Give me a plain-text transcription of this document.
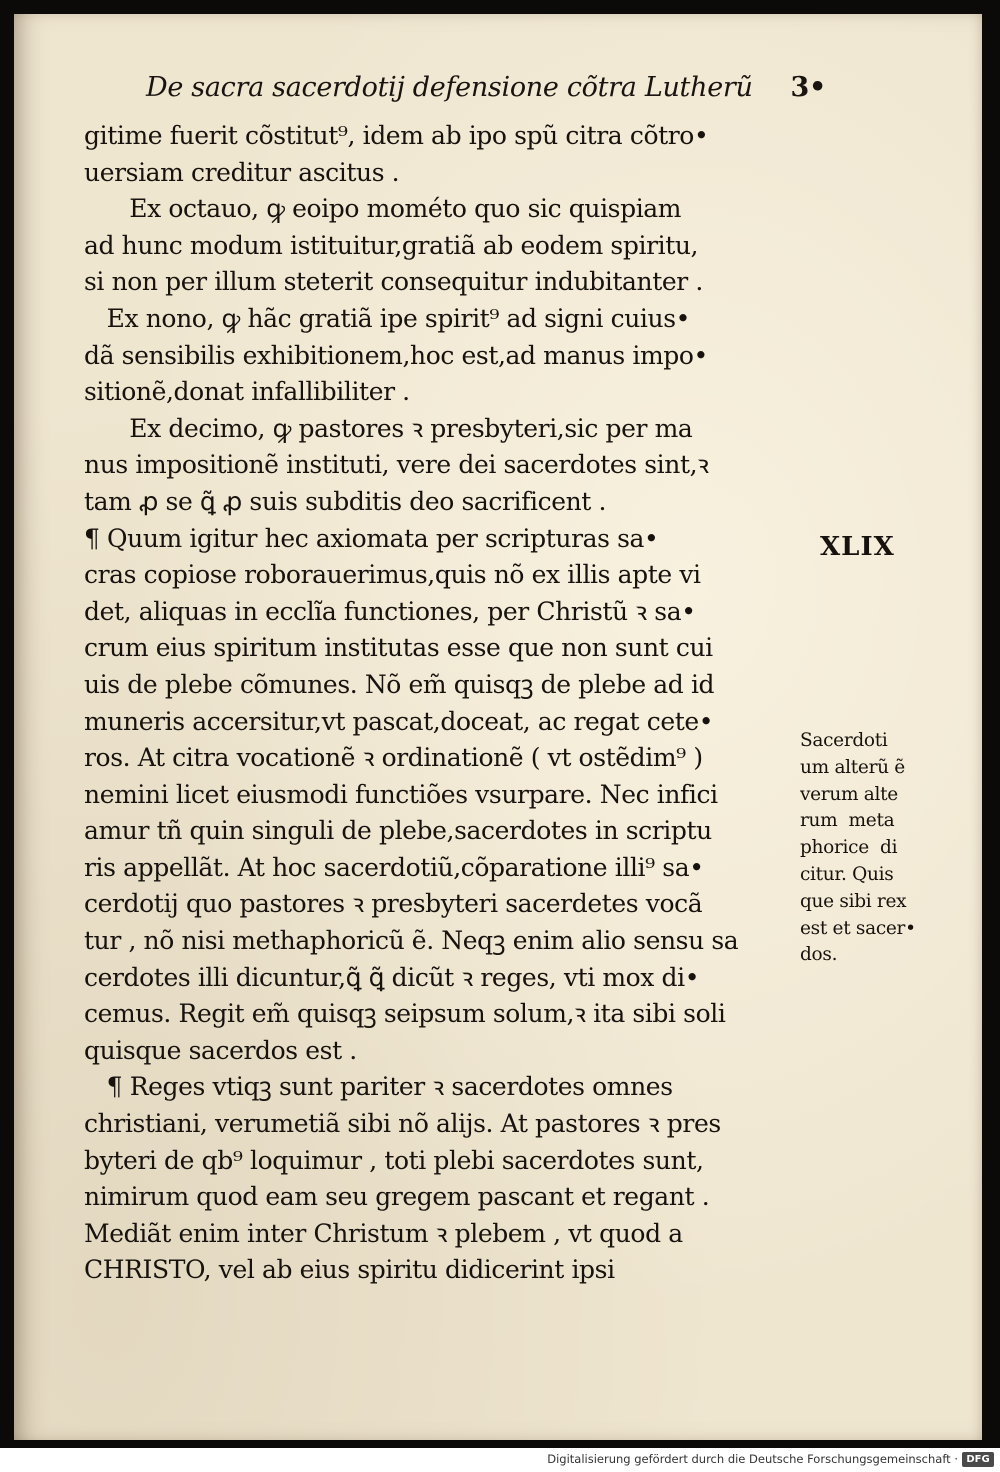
De sacra sacerdotij defensione cõtra Lutherũ 3•
gitime fuerit cõstitut⁹, idem ab ipo spũ citra cõtro•
uersiam creditur ascitus .
Ex octauo, ꝙ eoipo mométo quo sic quispiam
ad hunc modum istituitur,gratiã ab eodem spiritu,
si non per illum steterit consequitur indubitanter .
Ex nono, ꝙ hãc gratiã ipe spirit⁹ ad signi cuius•
dã sensibilis exhibitionem,hoc est,ad manus impo•
sitionẽ,donat infallibiliter .
Ex decimo, ꝙ pastores ꝛ presbyteri,sic per ma
nus impositionẽ instituti, vere dei sacerdotes sint,ꝛ
tam ꝓ se ꝗ̃ ꝓ suis subditis deo sacrificent .
¶ Quum igitur hec axiomata per scripturas sa•
cras copiose roborauerimus,quis nõ ex illis apte vi
det, aliquas in ecclĩa functiones, per Christũ ꝛ sa•
crum eius spiritum institutas esse que non sunt cui
uis de plebe cõmunes. Nõ em̃ quisqꝫ de plebe ad id
muneris accersitur,vt pascat,doceat, ac regat cete•
ros. At citra vocationẽ ꝛ ordinationẽ ( vt ostẽdim⁹ )
nemini licet eiusmodi functiões vsurpare. Nec infici
amur tñ quin singuli de plebe,sacerdotes in scriptu
ris appellãt. At hoc sacerdotiũ,cõparatione illi⁹ sa•
cerdotij quo pastores ꝛ presbyteri sacerdetes vocã
tur , nõ nisi methaphoricũ ẽ. Neqꝫ enim alio sensu sa
cerdotes illi dicuntur,ꝗ̃ ꝗ̃ dicũt ꝛ reges, vti mox di•
cemus. Regit em̃ quisqꝫ seipsum solum,ꝛ ita sibi soli
quisque sacerdos est .
¶ Reges vtiqꝫ sunt pariter ꝛ sacerdotes omnes
christiani, verumetiã sibi nõ alijs. At pastores ꝛ pres
byteri de qb⁹ loquimur , toti plebi sacerdotes sunt,
nimirum quod eam seu gregem pascant et regant .
Mediãt enim inter Christum ꝛ plebem , vt quod a
CHRISTO, vel ab eius spiritu didicerint ipsi
XLIX
Sacerdoti
um alterũ ẽ
verum alte
rum  meta
phorice  di
citur. Quis
que sibi rex
est et sacer•
dos.
Digitalisierung gefördert durch die Deutsche Forschungsgemeinschaft · DFG
